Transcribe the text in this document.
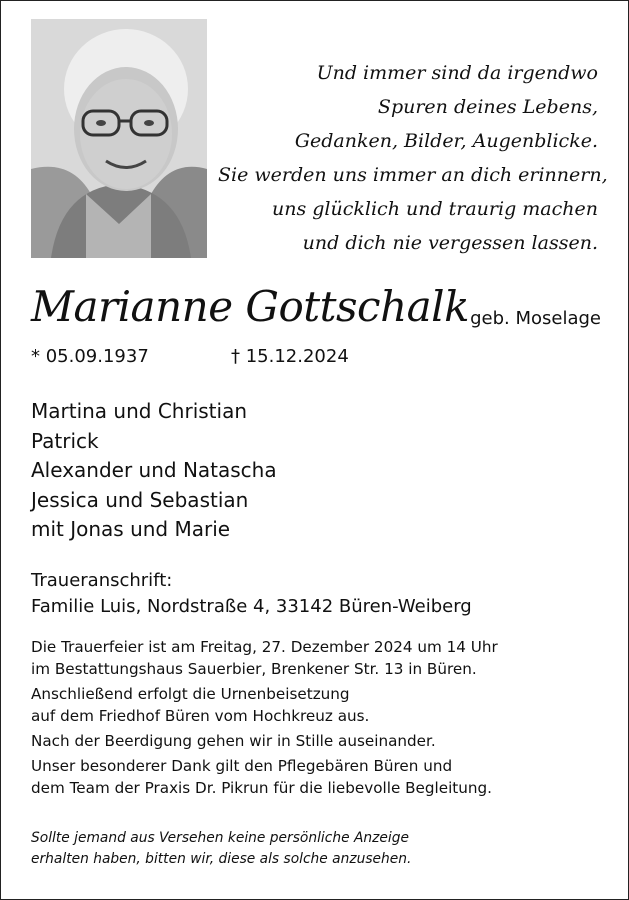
Und immer sind da irgendwo
Spuren deines Lebens,
Gedanken, Bilder, Augenblicke.
Sie werden uns immer an dich erinnern,
uns glücklich und traurig machen
und dich nie vergessen lassen.
Marianne Gottschalk geb. Moselage
* 05.09.1937	† 15.12.2024
Martina und Christian
Patrick
Alexander und Natascha
Jessica und Sebastian
mit Jonas und Marie
Traueranschrift:
Familie Luis, Nordstraße 4, 33142 Büren-Weiberg
Die Trauerfeier ist am Freitag, 27. Dezember 2024 um 14 Uhr
im Bestattungshaus Sauerbier, Brenkener Str. 13 in Büren.
Anschließend erfolgt die Urnenbeisetzung
auf dem Friedhof Büren vom Hochkreuz aus.
Nach der Beerdigung gehen wir in Stille auseinander.
Unser besonderer Dank gilt den Pflegebären Büren und
dem Team der Praxis Dr. Pikrun für die liebevolle Begleitung.
Sollte jemand aus Versehen keine persönliche Anzeige
erhalten haben, bitten wir, diese als solche anzusehen.
